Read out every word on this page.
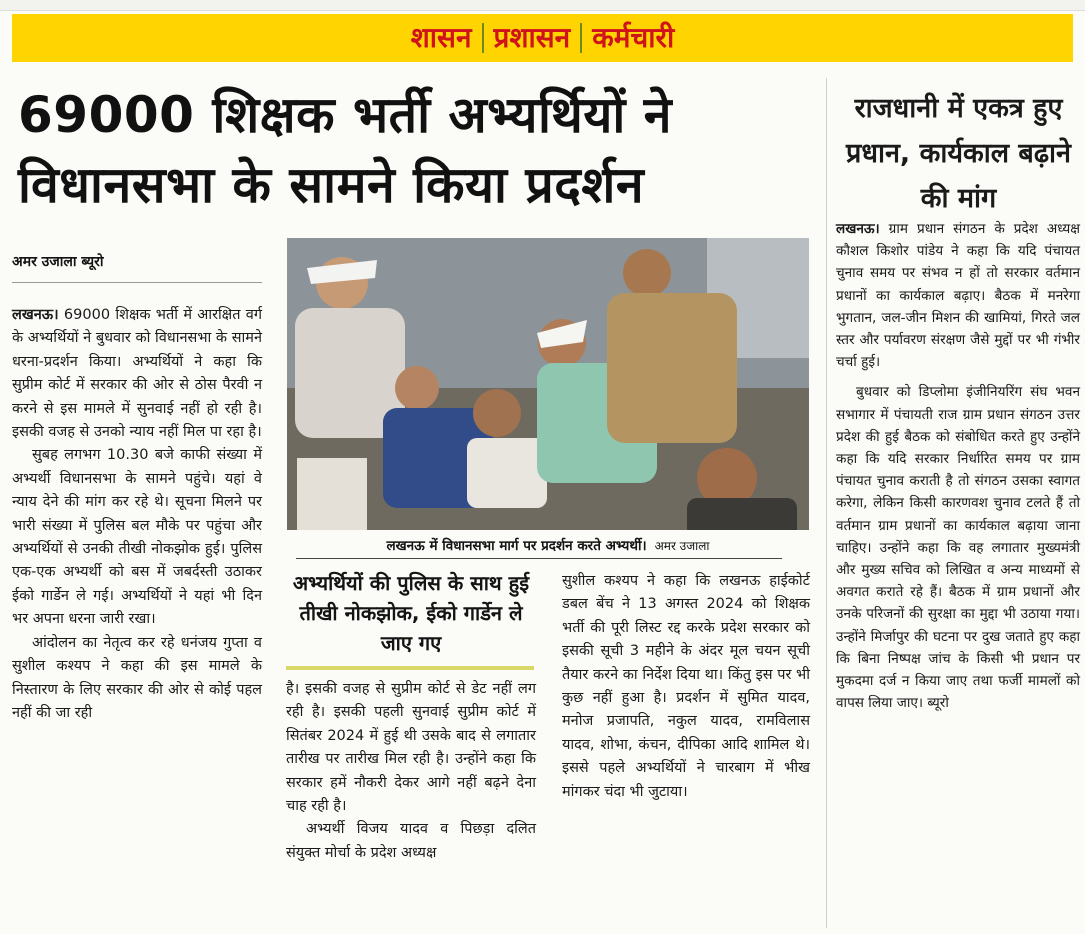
शासन प्रशासन कर्मचारी
69000 शिक्षक भर्ती अभ्यर्थियों ने
विधानसभा के सामने किया प्रदर्शन
राजधानी में एकत्र हुए प्रधान, कार्यकाल बढ़ाने की मांग
अमर उजाला ब्यूरो

लखनऊ। 69000 शिक्षक भर्ती में आरक्षित वर्ग के अभ्यर्थियों ने बुधवार को विधानसभा के सामने धरना-प्रदर्शन किया। अभ्यर्थियों ने कहा कि सुप्रीम कोर्ट में सरकार की ओर से ठोस पैरवी न करने से इस मामले में सुनवाई नहीं हो रही है। इसकी वजह से उनको न्याय नहीं मिल पा रहा है।

सुबह लगभग 10.30 बजे काफी संख्या में अभ्यर्थी विधानसभा के सामने पहुंचे। यहां वे न्याय देने की मांग कर रहे थे। सूचना मिलने पर भारी संख्या में पुलिस बल मौके पर पहुंचा और अभ्यर्थियों से उनकी तीखी नोकझोक हुई। पुलिस एक-एक अभ्यर्थी को बस में जबर्दस्ती उठाकर ईको गार्डेन ले गई। अभ्यर्थियों ने यहां भी दिन भर अपना धरना जारी रखा।

आंदोलन का नेतृत्व कर रहे धनंजय गुप्ता व सुशील कश्यप ने कहा की इस मामले के निस्तारण के लिए सरकार की ओर से कोई पहल नहीं की जा रही

लखनऊ में विधानसभा मार्ग पर प्रदर्शन करते अभ्यर्थी। अमर उजाला
अभ्यर्थियों की पुलिस के साथ हुई तीखी नोकझोक, ईको गार्डेन ले जाए गए

है। इसकी वजह से सुप्रीम कोर्ट से डेट नहीं लग रही है। इसकी पहली सुनवाई सुप्रीम कोर्ट में सितंबर 2024 में हुई थी उसके बाद से लगातार तारीख पर तारीख मिल रही है। उन्होंने कहा कि सरकार हमें नौकरी देकर आगे नहीं बढ़ने देना चाह रही है।

अभ्यर्थी विजय यादव व पिछड़ा दलित संयुक्त मोर्चा के प्रदेश अध्यक्ष

सुशील कश्यप ने कहा कि लखनऊ हाईकोर्ट डबल बेंच ने 13 अगस्त 2024 को शिक्षक भर्ती की पूरी लिस्ट रद्द करके प्रदेश सरकार को इसकी सूची 3 महीने के अंदर मूल चयन सूची तैयार करने का निर्देश दिया था। किंतु इस पर भी कुछ नहीं हुआ है। प्रदर्शन में सुमित यादव, मनोज प्रजापति, नकुल यादव, रामविलास यादव, शोभा, कंचन, दीपिका आदि शामिल थे। इससे पहले अभ्यर्थियों ने चारबाग में भीख मांगकर चंदा भी जुटाया।

लखनऊ। ग्राम प्रधान संगठन के प्रदेश अध्यक्ष कौशल किशोर पांडेय ने कहा कि यदि पंचायत चुनाव समय पर संभव न हों तो सरकार वर्तमान प्रधानों का कार्यकाल बढ़ाए। बैठक में मनरेगा भुगतान, जल-जीन मिशन की खामियां, गिरते जल स्तर और पर्यावरण संरक्षण जैसे मुद्दों पर भी गंभीर चर्चा हुई।

बुधवार को डिप्लोमा इंजीनियरिंग संघ भवन सभागार में पंचायती राज ग्राम प्रधान संगठन उत्तर प्रदेश की हुई बैठक को संबोधित करते हुए उन्होंने कहा कि यदि सरकार निर्धारित समय पर ग्राम पंचायत चुनाव कराती है तो संगठन उसका स्वागत करेगा, लेकिन किसी कारणवश चुनाव टलते हैं तो वर्तमान ग्राम प्रधानों का कार्यकाल बढ़ाया जाना चाहिए। उन्होंने कहा कि वह लगातार मुख्यमंत्री और मुख्य सचिव को लिखित व अन्य माध्यमों से अवगत कराते रहे हैं। बैठक में ग्राम प्रधानों और उनके परिजनों की सुरक्षा का मुद्दा भी उठाया गया। उन्होंने मिर्जापुर की घटना पर दुख जताते हुए कहा कि बिना निष्पक्ष जांच के किसी भी प्रधान पर मुकदमा दर्ज न किया जाए तथा फर्जी मामलों को वापस लिया जाए। ब्यूरो
